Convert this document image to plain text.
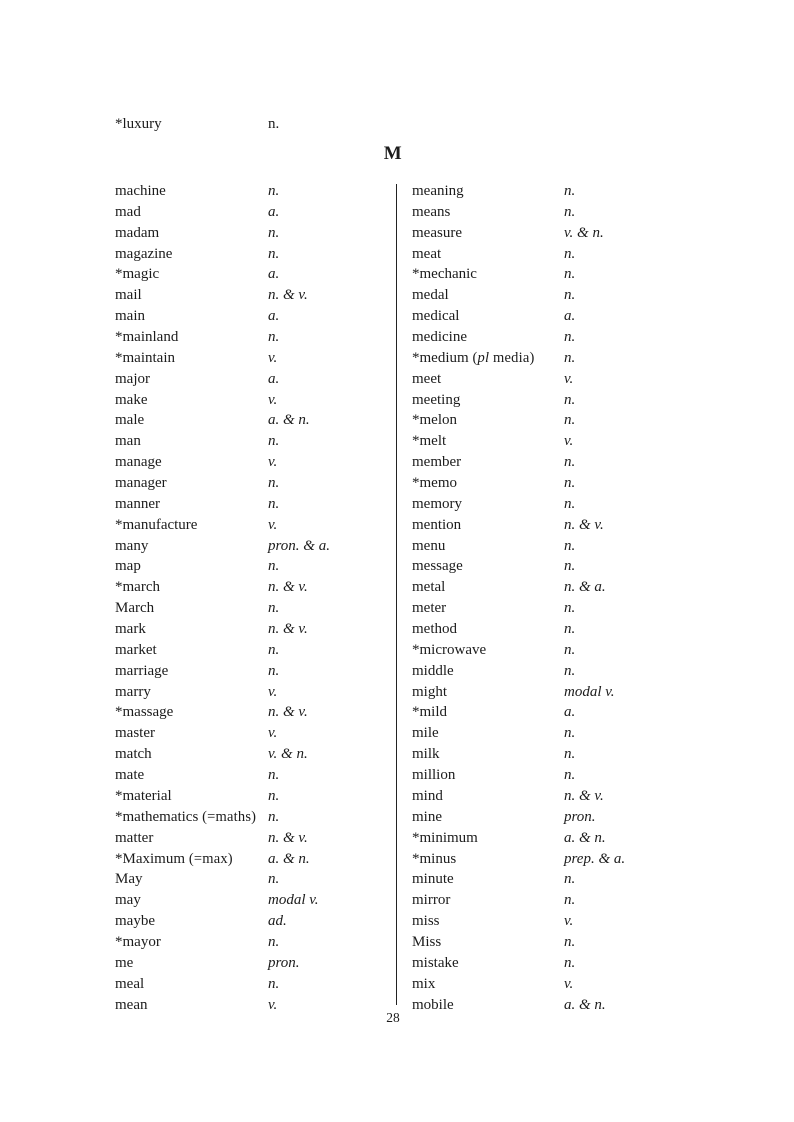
*luxury	n.
M
machine	n.
mad	a.
madam	n.
magazine	n.
*magic	a.
mail	n. & v.
main	a.
*mainland	n.
*maintain	v.
major	a.
make	v.
male	a. & n.
man	n.
manage	v.
manager	n.
manner	n.
*manufacture	v.
many	pron. & a.
map	n.
*march	n. & v.
March	n.
mark	n. & v.
market	n.
marriage	n.
marry	v.
*massage	n. & v.
master	v.
match	v. & n.
mate	n.
*material	n.
*mathematics (=maths) n.
matter	n. & v.
*Maximum (=max) a. & n.
May	n.
may	modal v.
maybe	ad.
*mayor	n.
me	pron.
meal	n.
mean	v.
meaning	n.
means	n.
measure	v. & n.
meat	n.
*mechanic	n.
medal	n.
medical	a.
medicine	n.
*medium (pl media) n.
meet	v.
meeting	n.
*melon	n.
*melt	v.
member	n.
*memo	n.
memory	n.
mention	n. & v.
menu	n.
message	n.
metal	n. & a.
meter	n.
method	n.
*microwave	n.
middle	n.
might	modal v.
*mild	a.
mile	n.
milk	n.
million	n.
mind	n. & v.
mine	pron.
*minimum	a. & n.
*minus	prep. & a.
minute	n.
mirror	n.
miss	v.
Miss	n.
mistake	n.
mix	v.
mobile	a. & n.
28
